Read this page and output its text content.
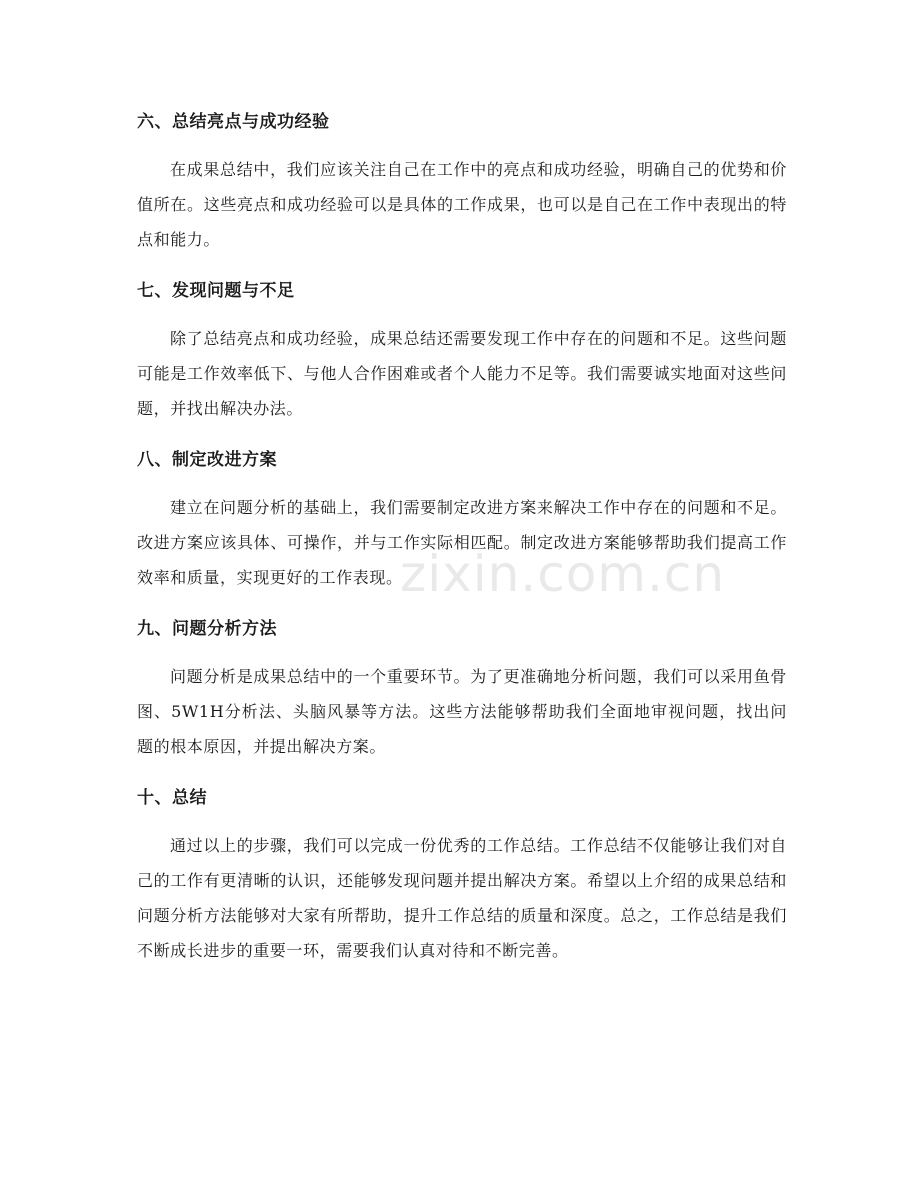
六、总结亮点与成功经验

在成果总结中，我们应该关注自己在工作中的亮点和成功经验，明确自己的优势和价值所在。这些亮点和成功经验可以是具体的工作成果，也可以是自己在工作中表现出的特点和能力。

七、发现问题与不足

除了总结亮点和成功经验，成果总结还需要发现工作中存在的问题和不足。这些问题可能是工作效率低下、与他人合作困难或者个人能力不足等。我们需要诚实地面对这些问题，并找出解决办法。

八、制定改进方案

建立在问题分析的基础上，我们需要制定改进方案来解决工作中存在的问题和不足。改进方案应该具体、可操作，并与工作实际相匹配。制定改进方案能够帮助我们提高工作效率和质量，实现更好的工作表现。

九、问题分析方法

问题分析是成果总结中的一个重要环节。为了更准确地分析问题，我们可以采用鱼骨图、5W1H分析法、头脑风暴等方法。这些方法能够帮助我们全面地审视问题，找出问题的根本原因，并提出解决方案。

十、总结

通过以上的步骤，我们可以完成一份优秀的工作总结。工作总结不仅能够让我们对自己的工作有更清晰的认识，还能够发现问题并提出解决方案。希望以上介绍的成果总结和问题分析方法能够对大家有所帮助，提升工作总结的质量和深度。总之，工作总结是我们不断成长进步的重要一环，需要我们认真对待和不断完善。

zixin.com.cn
